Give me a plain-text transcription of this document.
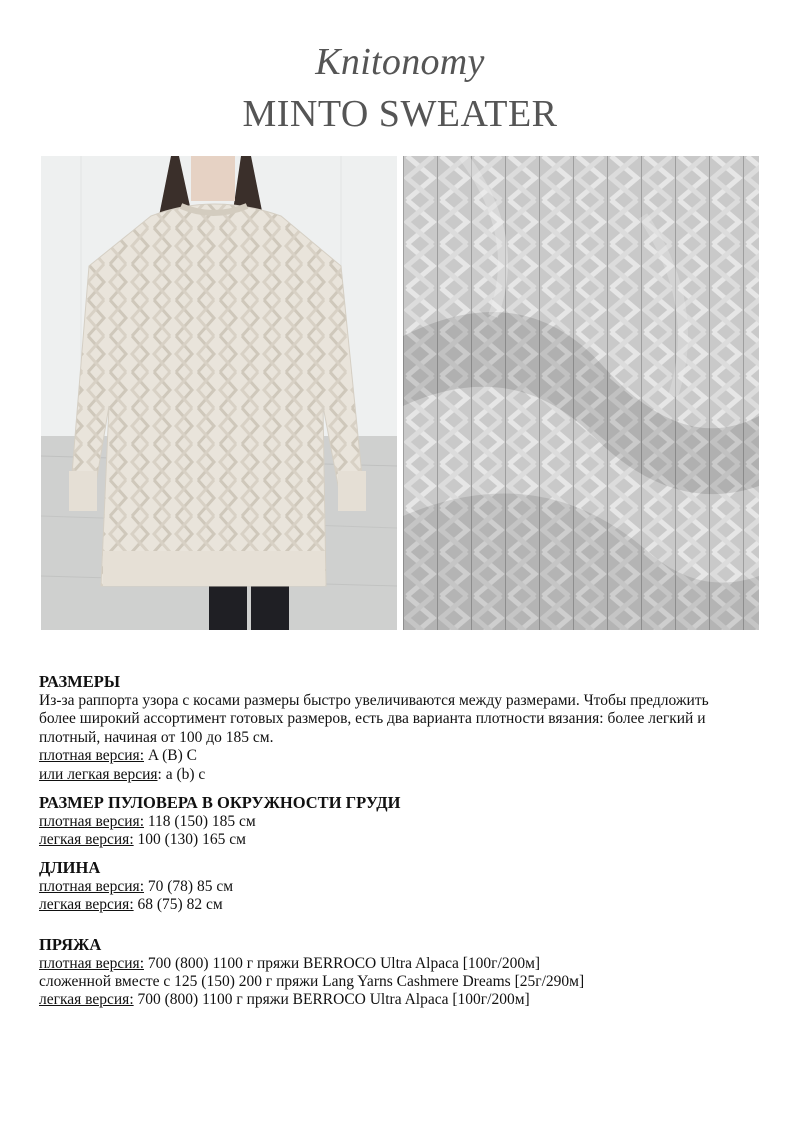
Knitonomy
MINTO SWEATER
РАЗМЕРЫ

Из-за раппорта узора с косами размеры быстро увеличиваются между размерами. Чтобы предложить

более широкий ассортимент готовых размеров, есть два варианта плотности вязания: более легкий и

плотный, начиная от 100 до 185 см.

плотная версия: A (B) C

или легкая версия: a (b) c

РАЗМЕР ПУЛОВЕРА В ОКРУЖНОСТИ ГРУДИ

плотная версия: 118 (150) 185 см

легкая версия: 100 (130) 165 см

ДЛИНА

плотная версия: 70 (78) 85 см

легкая версия: 68 (75) 82 см

ПРЯЖА

плотная версия: 700 (800) 1100 г пряжи BERROCO Ultra Alpaca [100г/200м]

сложенной вместе с 125 (150) 200 г пряжи Lang Yarns Cashmere Dreams [25г/290м]

легкая версия: 700 (800) 1100 г пряжи BERROCO Ultra Alpaca [100г/200м]
